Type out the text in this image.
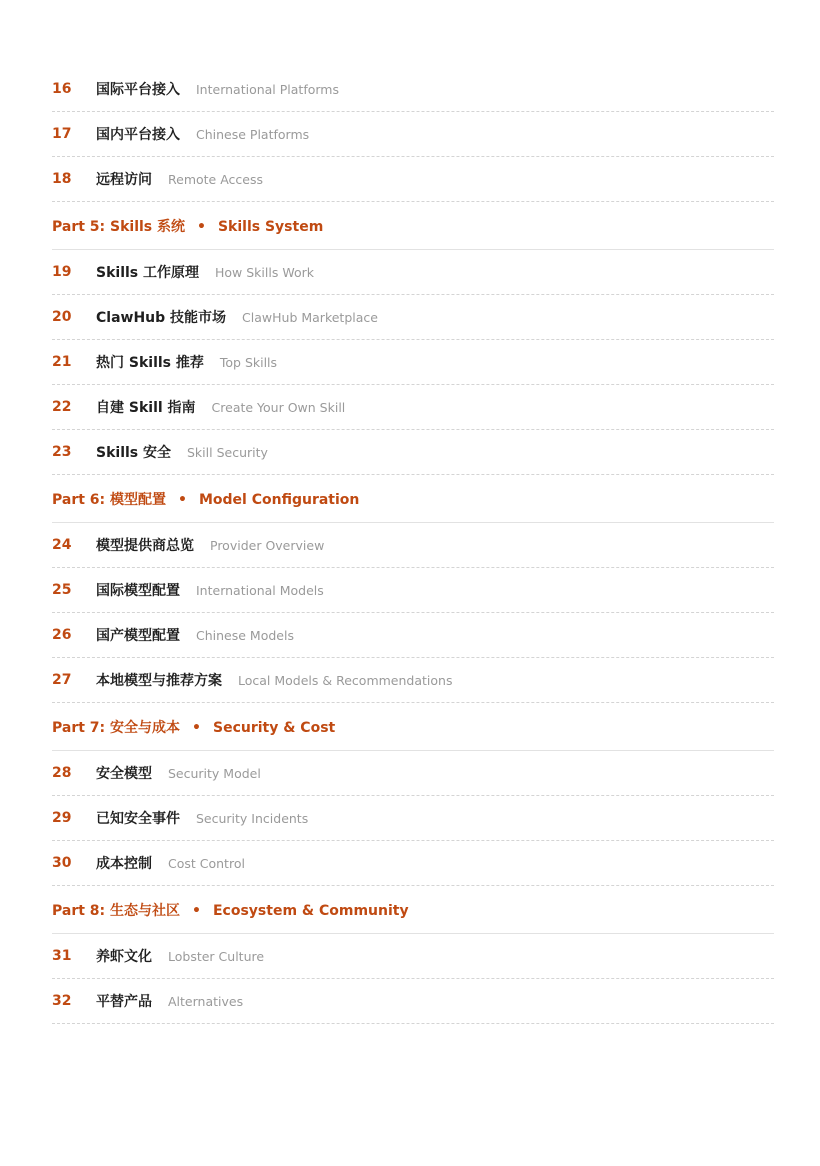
16 国际平台接入 International Platforms
17 国内平台接入 Chinese Platforms
18 远程访问 Remote Access
Part 5: Skills 系统 • Skills System
19 Skills 工作原理 How Skills Work
20 ClawHub 技能市场 ClawHub Marketplace
21 热门 Skills 推荐 Top Skills
22 自建 Skill 指南 Create Your Own Skill
23 Skills 安全 Skill Security
Part 6: 模型配置 • Model Configuration
24 模型提供商总览 Provider Overview
25 国际模型配置 International Models
26 国产模型配置 Chinese Models
27 本地模型与推荐方案 Local Models & Recommendations
Part 7: 安全与成本 • Security & Cost
28 安全模型 Security Model
29 已知安全事件 Security Incidents
30 成本控制 Cost Control
Part 8: 生态与社区 • Ecosystem & Community
31 养虾文化 Lobster Culture
32 平替产品 Alternatives
